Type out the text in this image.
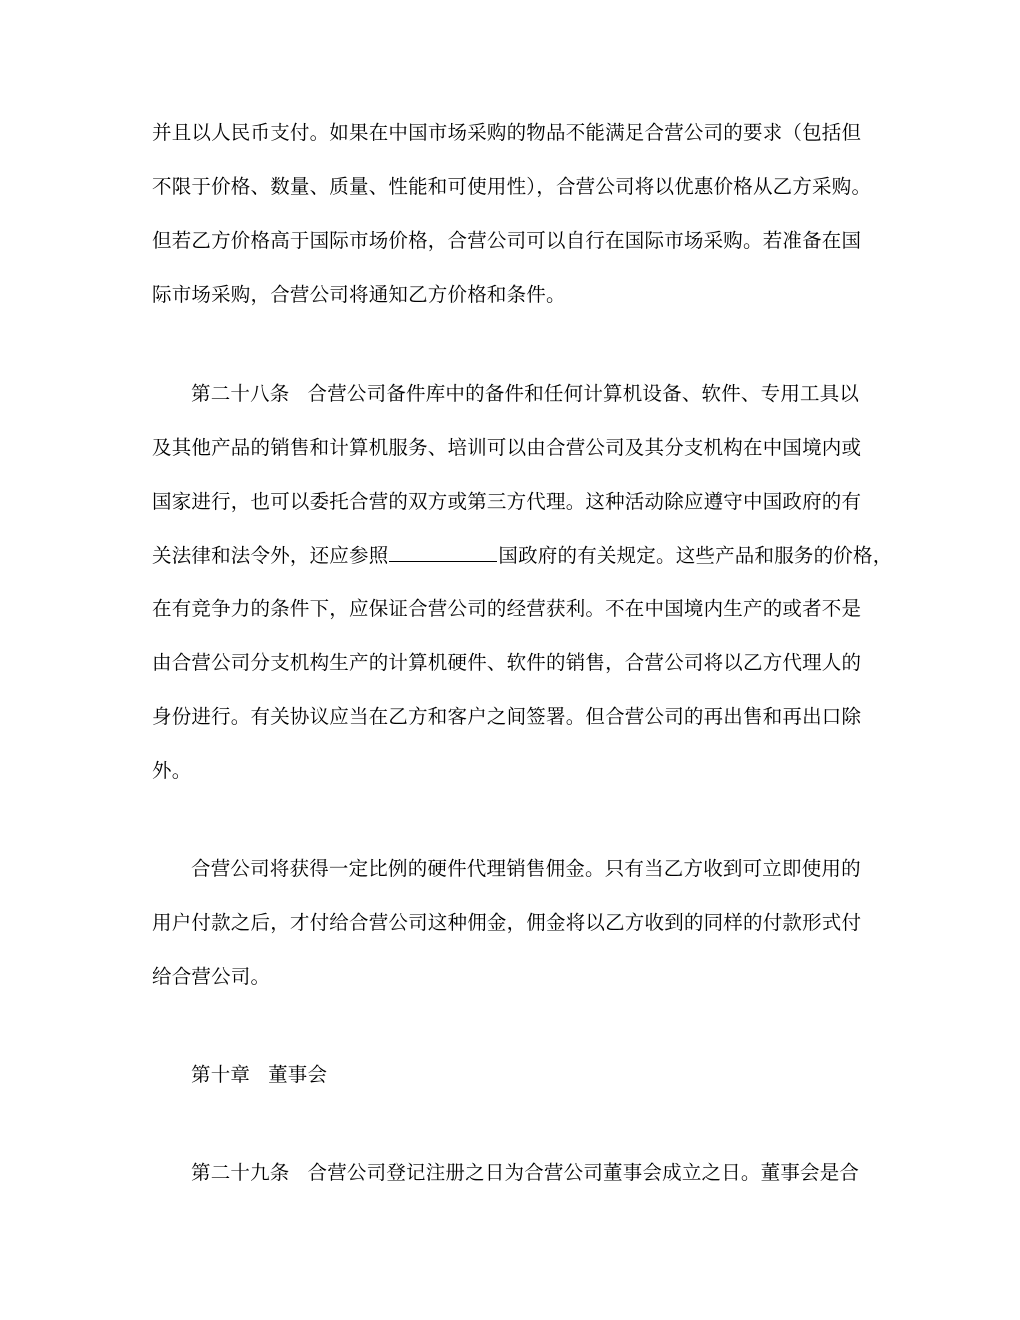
并且以人民币支付。如果在中国市场采购的物品不能满足合营公司的要求（包括但
不限于价格、数量、质量、性能和可使用性），合营公司将以优惠价格从乙方采购。
但若乙方价格高于国际市场价格，合营公司可以自行在国际市场采购。若准备在国
际市场采购，合营公司将通知乙方价格和条件。
第二十八条 合营公司备件库中的备件和任何计算机设备、软件、专用工具以
及其他产品的销售和计算机服务、培训可以由合营公司及其分支机构在中国境内或
国家进行，也可以委托合营的双方或第三方代理。这种活动除应遵守中国政府的有
关法律和法令外，还应参照	国政府的有关规定。这些产品和服务的价格，
在有竞争力的条件下，应保证合营公司的经营获利。不在中国境内生产的或者不是
由合营公司分支机构生产的计算机硬件、软件的销售，合营公司将以乙方代理人的
身份进行。有关协议应当在乙方和客户之间签署。但合营公司的再出售和再出口除
外。
合营公司将获得一定比例的硬件代理销售佣金。只有当乙方收到可立即使用的
用户付款之后，才付给合营公司这种佣金，佣金将以乙方收到的同样的付款形式付
给合营公司。
第十章 董事会
第二十九条 合营公司登记注册之日为合营公司董事会成立之日。董事会是合
